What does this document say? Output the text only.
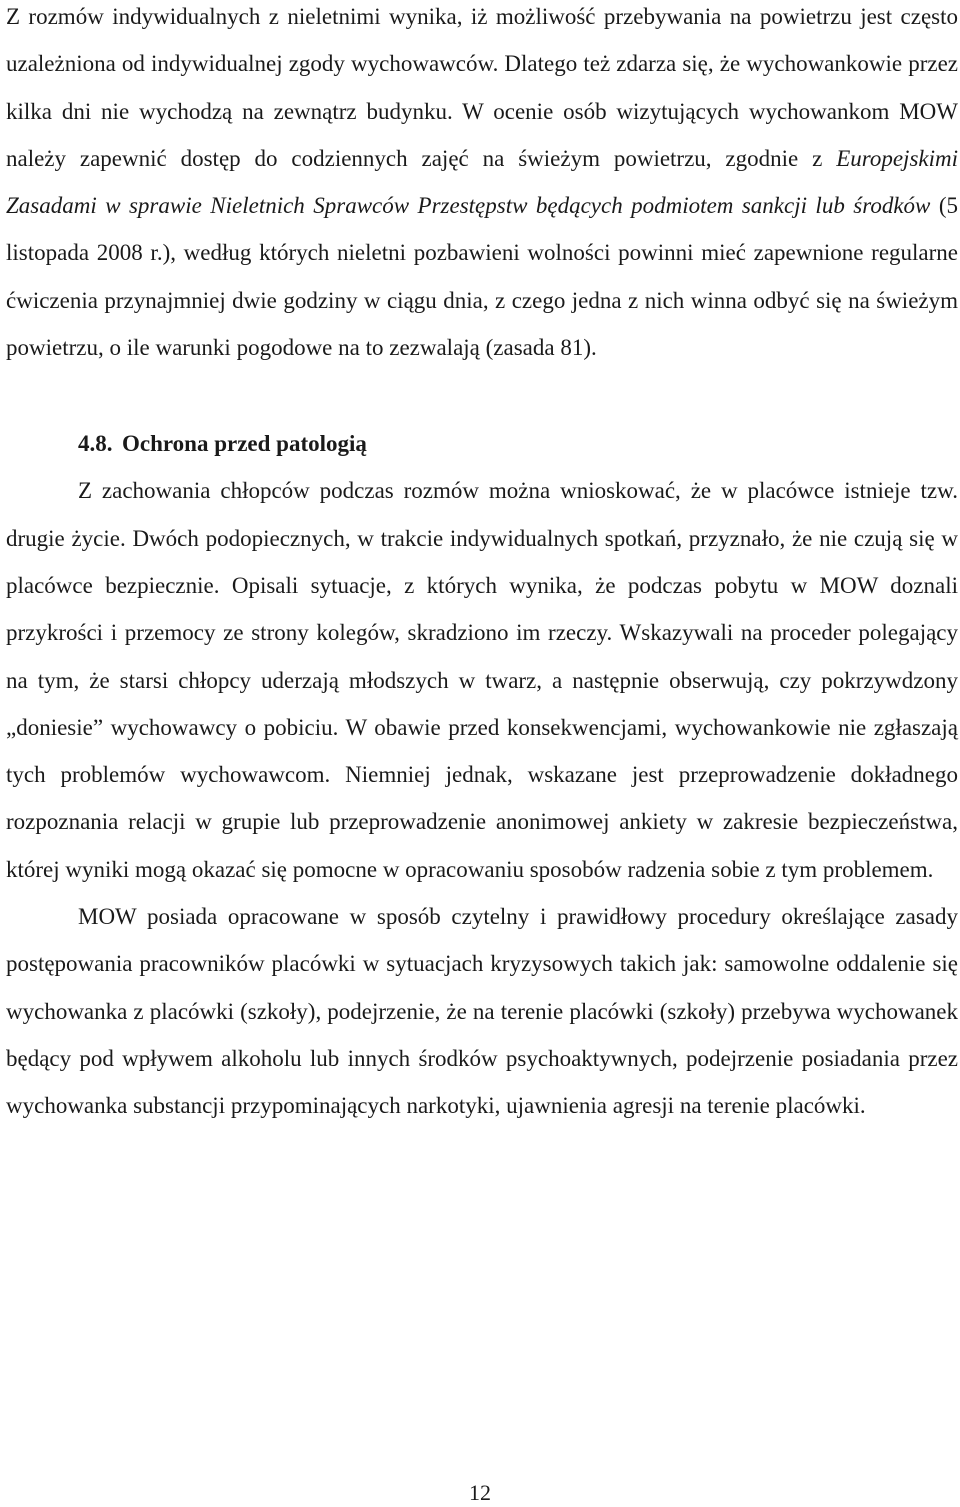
Z rozmów indywidualnych z nieletnimi wynika, iż możliwość przebywania na powietrzu jest często uzależniona od indywidualnej zgody wychowawców. Dlatego też zdarza się, że wychowankowie przez kilka dni nie wychodzą na zewnątrz budynku. W ocenie osób wizytujących wychowankom MOW należy zapewnić dostęp do codziennych zajęć na świeżym powietrzu, zgodnie z Europejskimi Zasadami w sprawie Nieletnich Sprawców Przestępstw będących podmiotem sankcji lub środków (5 listopada 2008 r.), według których nieletni pozbawieni wolności powinni mieć zapewnione regularne ćwiczenia przynajmniej dwie godziny w ciągu dnia, z czego jedna z nich winna odbyć się na świeżym powietrzu, o ile warunki pogodowe na to zezwalają (zasada 81).

4.8. Ochrona przed patologią

Z zachowania chłopców podczas rozmów można wnioskować, że w placówce istnieje tzw. drugie życie. Dwóch podopiecznych, w trakcie indywidualnych spotkań, przyznało, że nie czują się w placówce bezpiecznie. Opisali sytuacje, z których wynika, że podczas pobytu w MOW doznali przykrości i przemocy ze strony kolegów, skradziono im rzeczy. Wskazywali na proceder polegający na tym, że starsi chłopcy uderzają młodszych w twarz, a następnie obserwują, czy pokrzywdzony „doniesie” wychowawcy o pobiciu. W obawie przed konsekwencjami, wychowankowie nie zgłaszają tych problemów wychowawcom. Niemniej jednak, wskazane jest przeprowadzenie dokładnego rozpoznania relacji w grupie lub przeprowadzenie anonimowej ankiety w zakresie bezpieczeństwa, której wyniki mogą okazać się pomocne w opracowaniu sposobów radzenia sobie z tym problemem.

MOW posiada opracowane w sposób czytelny i prawidłowy procedury określające zasady postępowania pracowników placówki w sytuacjach kryzysowych takich jak: samowolne oddalenie się wychowanka z placówki (szkoły), podejrzenie, że na terenie placówki (szkoły) przebywa wychowanek będący pod wpływem alkoholu lub innych środków psychoaktywnych, podejrzenie posiadania przez wychowanka substancji przypominających narkotyki, ujawnienia agresji na terenie placówki.

12
